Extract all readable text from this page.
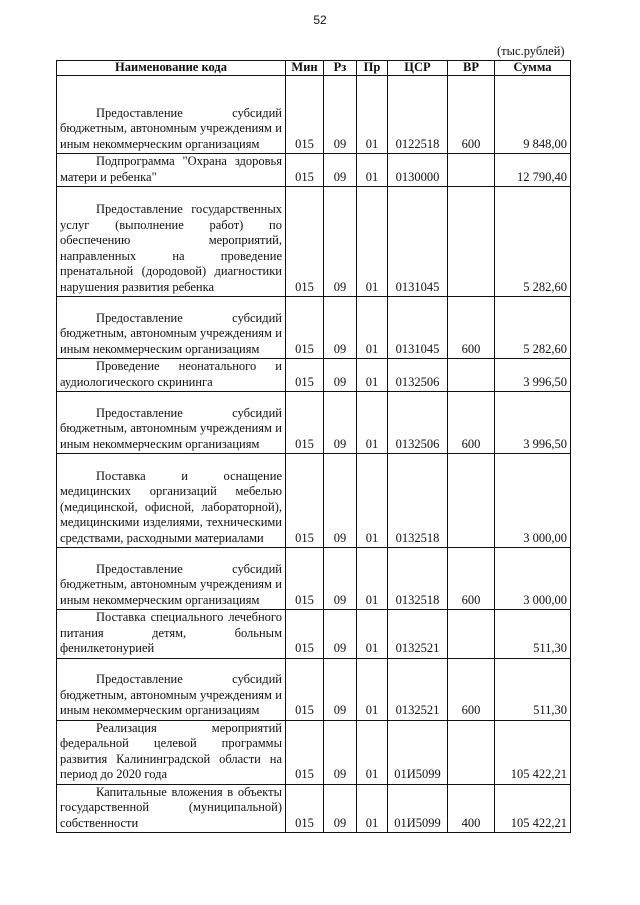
52
(тыс.рублей)
Наименование кода	Мин	Рз	Пр	ЦСР	ВР	Сумма

Предоставление субсидий бюджетным, автономным учреждениям и иным некоммерческим организациям	015	09	01	0122518	600	9 848,00

Подпрограмма "Охрана здоровья матери и ребенка"	015	09	01	0130000		12 790,40

Предоставление государственных услуг (выполнение работ) по обеспечению мероприятий, направленных на проведение пренатальной (дородовой) диагностики нарушения развития ребенка	015	09	01	0131045		5 282,60

Предоставление субсидий бюджетным, автономным учреждениям и иным некоммерческим организациям	015	09	01	0131045	600	5 282,60

Проведение неонатального и аудиологического скрининга	015	09	01	0132506		3 996,50

Предоставление субсидий бюджетным, автономным учреждениям и иным некоммерческим организациям	015	09	01	0132506	600	3 996,50

Поставка и оснащение медицинских организаций мебелью (медицинской, офисной, лабораторной), медицинскими изделиями, техническими средствами, расходными материалами	015	09	01	0132518		3 000,00

Предоставление субсидий бюджетным, автономным учреждениям и иным некоммерческим организациям	015	09	01	0132518	600	3 000,00

Поставка специального лечебного питания детям, больным фенилкетонурией	015	09	01	0132521		511,30

Предоставление субсидий бюджетным, автономным учреждениям и иным некоммерческим организациям	015	09	01	0132521	600	511,30

Реализация мероприятий федеральной целевой программы развития Калининградской области на период до 2020 года	015	09	01	01И5099		105 422,21

Капитальные вложения в объекты государственной (муниципальной) собственности	015	09	01	01И5099	400	105 422,21
